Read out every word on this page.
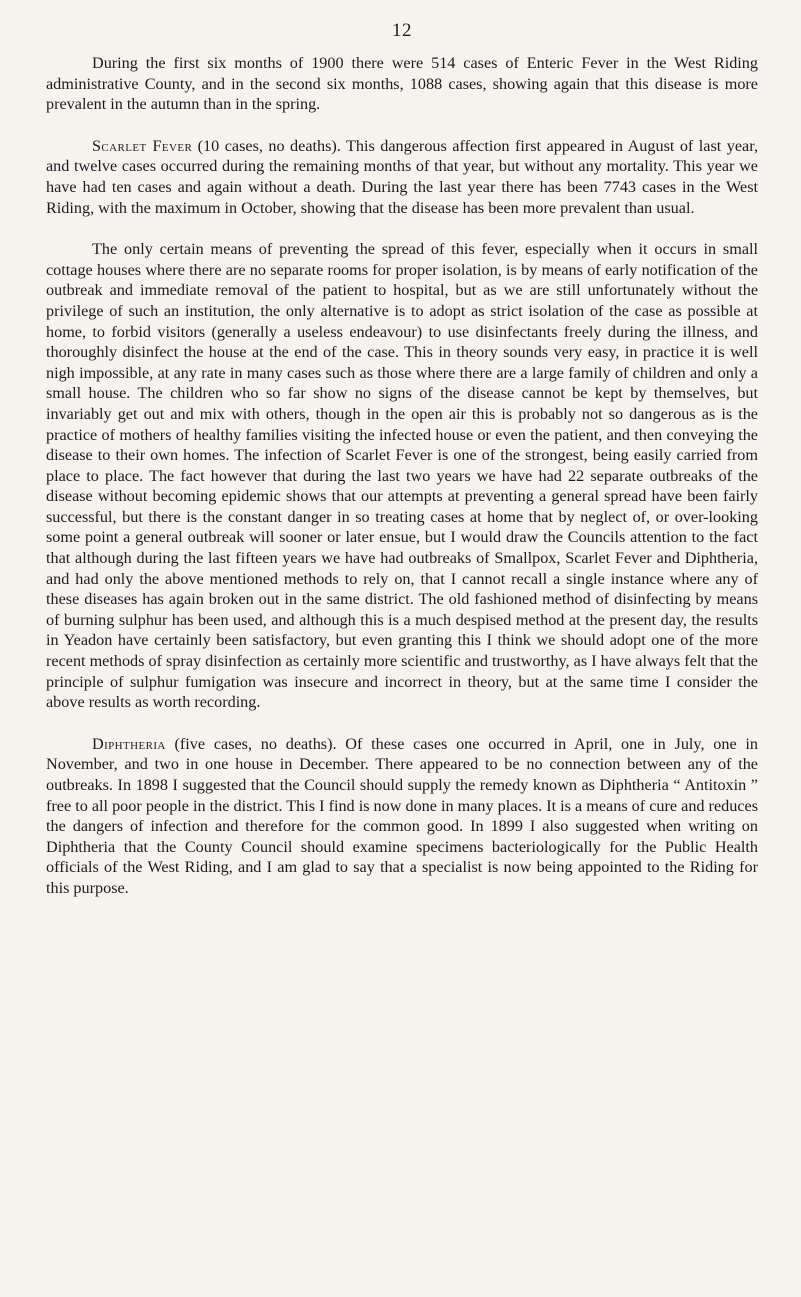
12

During the first six months of 1900 there were 514 cases of Enteric Fever in the West Riding administrative County, and in the second six months, 1088 cases, showing again that this disease is more prevalent in the autumn than in the spring.

Scarlet Fever (10 cases, no deaths). This dangerous affection first appeared in August of last year, and twelve cases occurred during the remaining months of that year, but without any mortality. This year we have had ten cases and again without a death. During the last year there has been 7743 cases in the West Riding, with the maximum in October, showing that the disease has been more prevalent than usual.

The only certain means of preventing the spread of this fever, especially when it occurs in small cottage houses where there are no separate rooms for proper isolation, is by means of early notification of the outbreak and immediate removal of the patient to hospital, but as we are still unfortunately without the privilege of such an institution, the only alternative is to adopt as strict isolation of the case as possible at home, to forbid visitors (generally a useless endeavour) to use disinfectants freely during the illness, and thoroughly disinfect the house at the end of the case. This in theory sounds very easy, in practice it is well nigh impossible, at any rate in many cases such as those where there are a large family of children and only a small house. The children who so far show no signs of the disease cannot be kept by themselves, but invariably get out and mix with others, though in the open air this is probably not so dangerous as is the practice of mothers of healthy families visiting the infected house or even the patient, and then conveying the disease to their own homes. The infection of Scarlet Fever is one of the strongest, being easily carried from place to place. The fact however that during the last two years we have had 22 separate outbreaks of the disease without becoming epidemic shows that our attempts at preventing a general spread have been fairly successful, but there is the constant danger in so treating cases at home that by neglect of, or over-looking some point a general outbreak will sooner or later ensue, but I would draw the Councils attention to the fact that although during the last fifteen years we have had outbreaks of Smallpox, Scarlet Fever and Diphtheria, and had only the above mentioned methods to rely on, that I cannot recall a single instance where any of these diseases has again broken out in the same district. The old fashioned method of disinfecting by means of burning sulphur has been used, and although this is a much despised method at the present day, the results in Yeadon have certainly been satisfactory, but even granting this I think we should adopt one of the more recent methods of spray disinfection as certainly more scientific and trustworthy, as I have always felt that the principle of sulphur fumigation was insecure and incorrect in theory, but at the same time I consider the above results as worth recording.

Diphtheria (five cases, no deaths). Of these cases one occurred in April, one in July, one in November, and two in one house in December. There appeared to be no connection between any of the outbreaks. In 1898 I suggested that the Council should supply the remedy known as Diphtheria “ Antitoxin ” free to all poor people in the district. This I find is now done in many places. It is a means of cure and reduces the dangers of infection and therefore for the common good. In 1899 I also suggested when writing on Diphtheria that the County Council should examine specimens bacteriologically for the Public Health officials of the West Riding, and I am glad to say that a specialist is now being appointed to the Riding for this purpose.
